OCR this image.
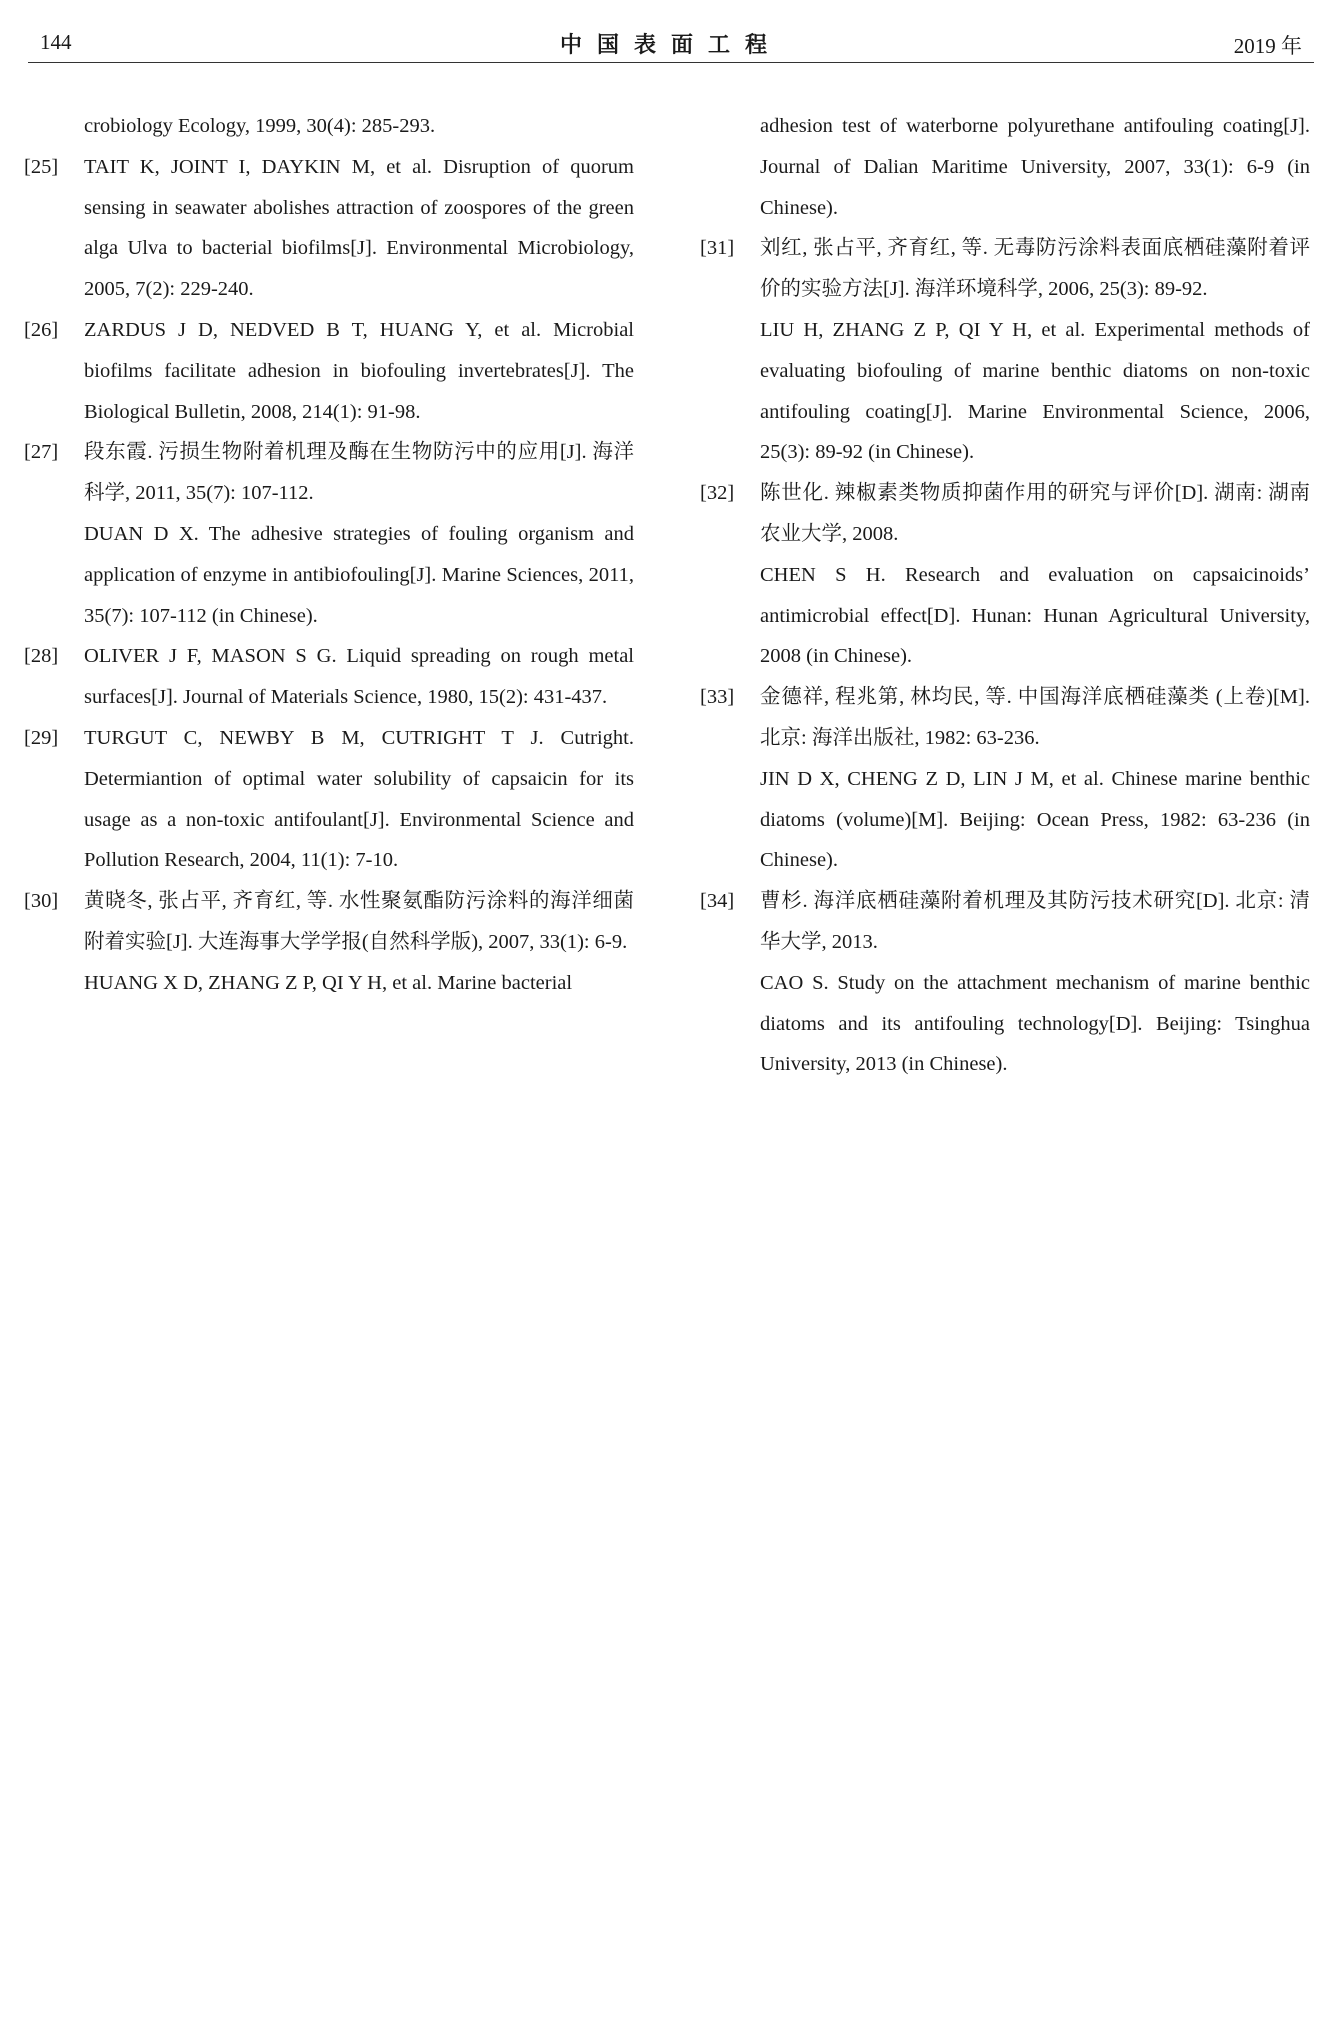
144	中国表面工程	2019 年
crobiology Ecology, 1999, 30(4): 285-293.
[25] TAIT K, JOINT I, DAYKIN M, et al. Disruption of quorum sensing in seawater abolishes attraction of zoospores of the green alga Ulva to bacterial biofilms[J]. Environmental Microbiology, 2005, 7(2): 229-240.
[26] ZARDUS J D, NEDVED B T, HUANG Y, et al. Microbial biofilms facilitate adhesion in biofouling invertebrates[J]. The Biological Bulletin, 2008, 214(1): 91-98.
[27] 段东霞. 污损生物附着机理及酶在生物防污中的应用[J]. 海洋科学, 2011, 35(7): 107-112.
DUAN D X. The adhesive strategies of fouling organism and application of enzyme in antibiofouling[J]. Marine Sciences, 2011, 35(7): 107-112 (in Chinese).
[28] OLIVER J F, MASON S G. Liquid spreading on rough metal surfaces[J]. Journal of Materials Science, 1980, 15(2): 431-437.
[29] TURGUT C, NEWBY B M, CUTRIGHT T J. Cutright. Determiantion of optimal water solubility of capsaicin for its usage as a non-toxic antifoulant[J]. Environmental Science and Pollution Research, 2004, 11(1): 7-10.
[30] 黄晓冬, 张占平, 齐育红, 等. 水性聚氨酯防污涂料的海洋细菌附着实验[J]. 大连海事大学学报(自然科学版), 2007, 33(1): 6-9.
HUANG X D, ZHANG Z P, QI Y H, et al. Marine bacterial
adhesion test of waterborne polyurethane antifouling coating[J]. Journal of Dalian Maritime University, 2007, 33(1): 6-9 (in Chinese).
[31] 刘红, 张占平, 齐育红, 等. 无毒防污涂料表面底栖硅藻附着评价的实验方法[J]. 海洋环境科学, 2006, 25(3): 89-92.
LIU H, ZHANG Z P, QI Y H, et al. Experimental methods of evaluating biofouling of marine benthic diatoms on non-toxic antifouling coating[J]. Marine Environmental Science, 2006, 25(3): 89-92 (in Chinese).
[32] 陈世化. 辣椒素类物质抑菌作用的研究与评价[D]. 湖南: 湖南农业大学, 2008.
CHEN S H. Research and evaluation on capsaicinoids’ antimicrobial effect[D]. Hunan: Hunan Agricultural University, 2008 (in Chinese).
[33] 金德祥, 程兆第, 林均民, 等. 中国海洋底栖硅藻类 (上卷)[M]. 北京: 海洋出版社, 1982: 63-236.
JIN D X, CHENG Z D, LIN J M, et al. Chinese marine benthic diatoms (volume)[M]. Beijing: Ocean Press, 1982: 63-236 (in Chinese).
[34] 曹杉. 海洋底栖硅藻附着机理及其防污技术研究[D]. 北京: 清华大学, 2013.
CAO S. Study on the attachment mechanism of marine benthic diatoms and its antifouling technology[D]. Beijing: Tsinghua University, 2013 (in Chinese).
